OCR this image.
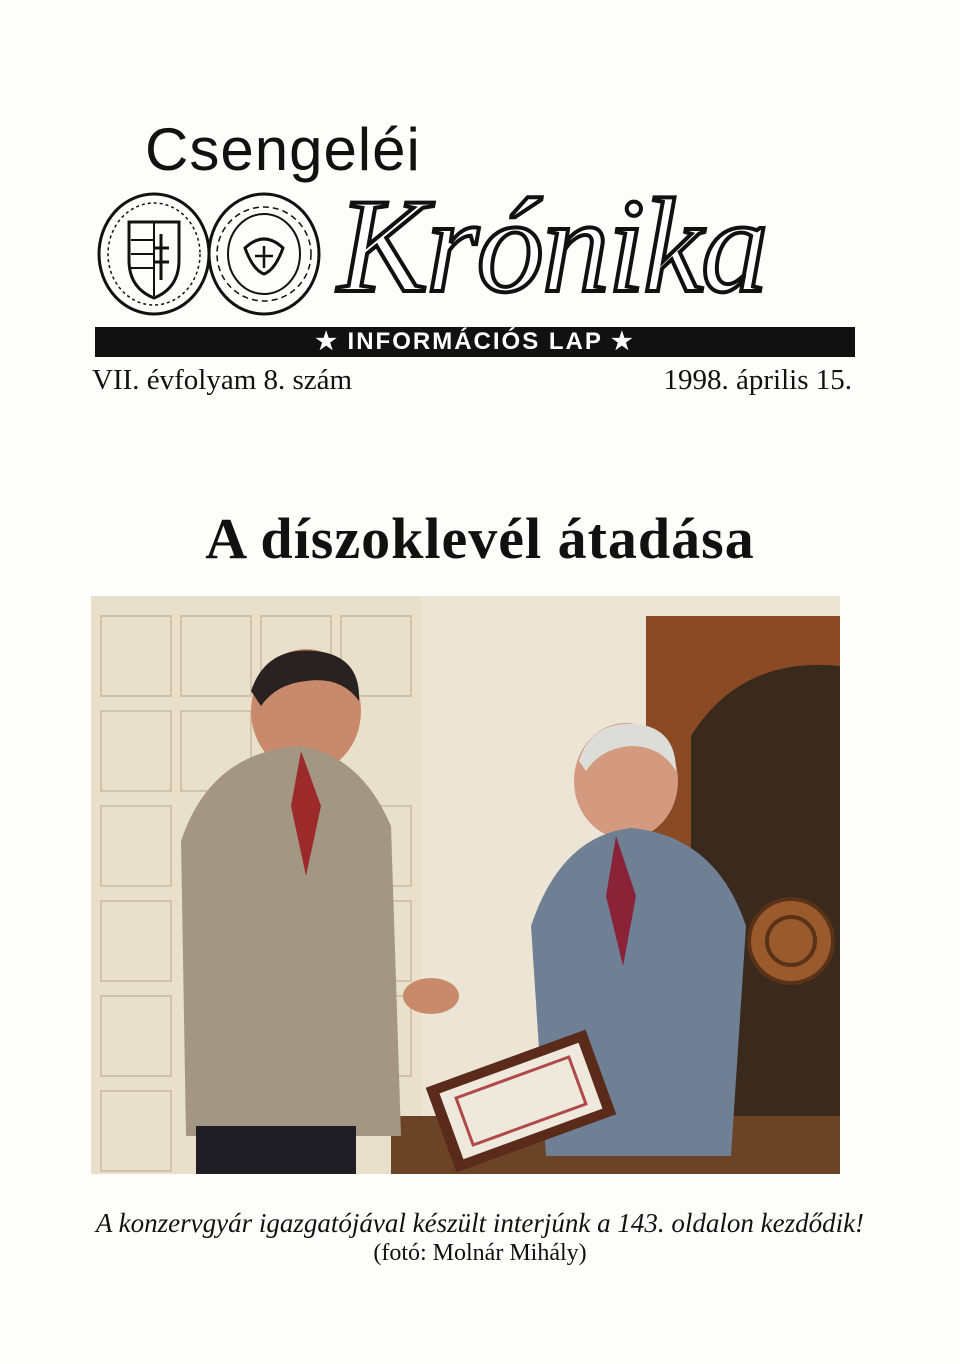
Csengeléi
Krónika
★ INFORMÁCIÓS LAP ★
VII. évfolyam 8. szám	1998. április 15.
A díszoklevél átadása
A konzervgyár igazgatójával készült interjúnk a 143. oldalon kezdődik!
(fotó: Molnár Mihály)
